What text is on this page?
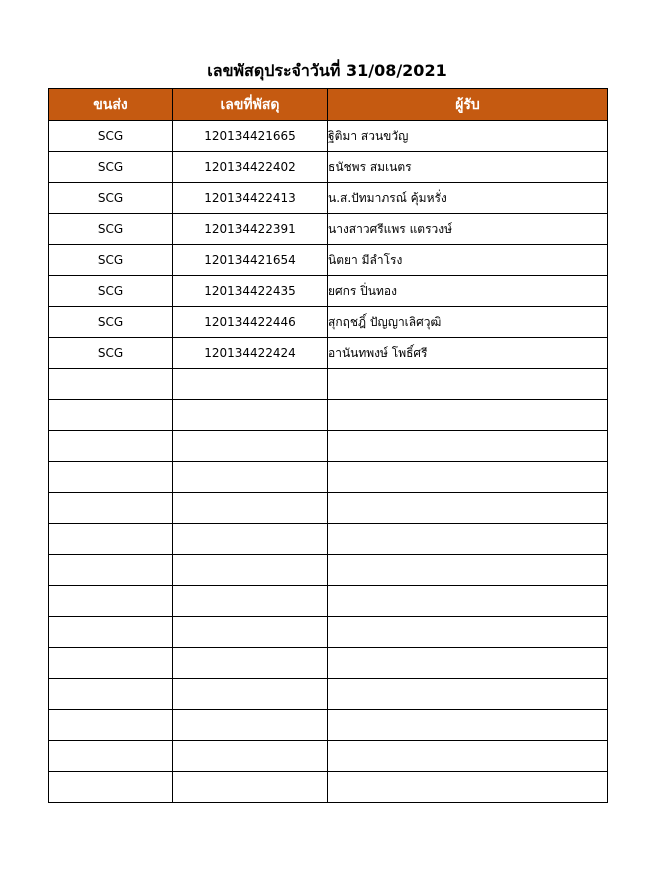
เลขพัสดุประจำวันที่ 31/08/2021
ขนส่ง	เลขที่พัสดุ	ผู้รับ
SCG	120134421665	ฐิติมา สวนขวัญ
SCG	120134422402	ธนัชพร สมเนตร
SCG	120134422413	น.ส.ปัทมาภรณ์ คุ้มหรั่ง
SCG	120134422391	นางสาวศรีแพร แตรวงษ์
SCG	120134421654	นิตยา มีลำโรง
SCG	120134422435	ยศกร ปิ่นทอง
SCG	120134422446	สุกฤชฎิ์ ปัญญาเลิศวุฒิ
SCG	120134422424	อานันทพงษ์ โพธิ์ศรี
